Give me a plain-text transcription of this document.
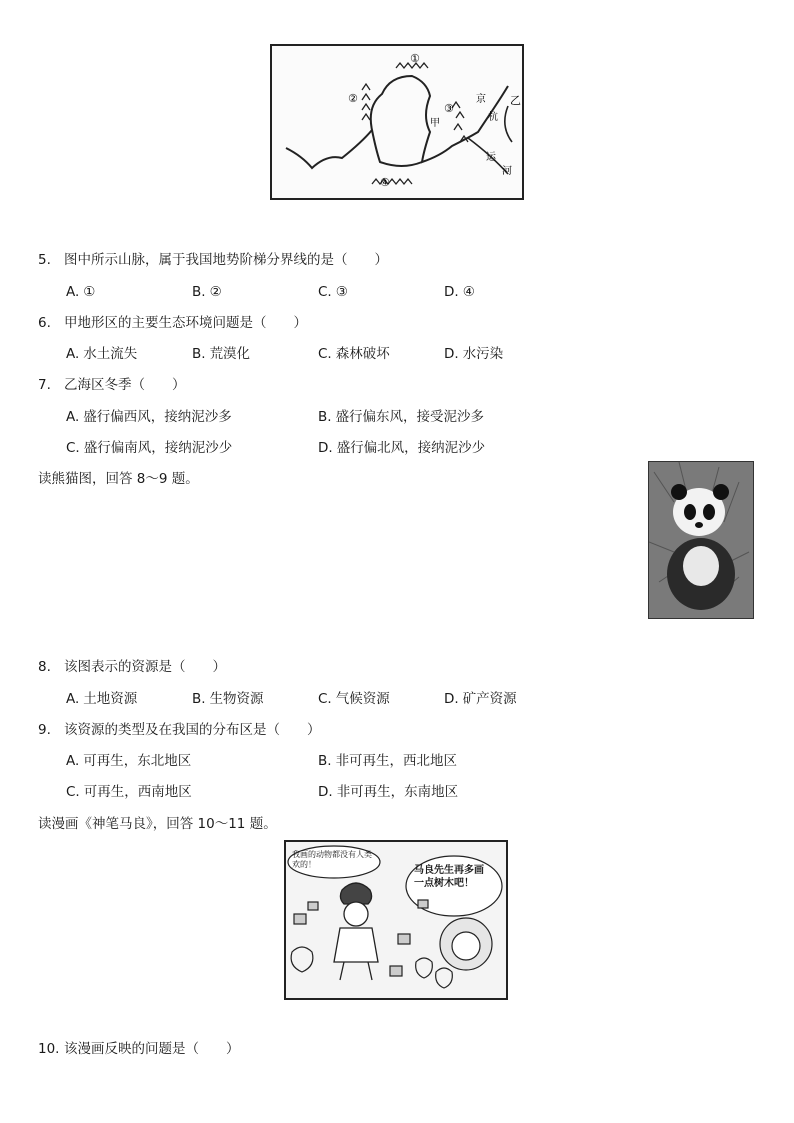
①
②
③
④
甲
乙
京
杭
运
河
5. 图中所示山脉，属于我国地势阶梯分界线的是（　　）
A. ①	B. ②	C. ③	D. ④
6. 甲地形区的主要生态环境问题是（　　）
A. 水土流失	B. 荒漠化	C. 森林破坏	D. 水污染
7. 乙海区冬季（　　）
A. 盛行偏西风，接纳泥沙多	B. 盛行偏东风，接受泥沙多
C. 盛行偏南风，接纳泥沙少	D. 盛行偏北风，接纳泥沙少
读熊猫图，回答 8～9 题。
8. 该图表示的资源是（　　）
A. 土地资源	B. 生物资源	C. 气候资源	D. 矿产资源
9. 该资源的类型及在我国的分布区是（　　）
A. 可再生，东北地区	B. 非可再生，西北地区
C. 可再生，西南地区	D. 非可再生，东南地区
读漫画《神笔马良》，回答 10～11 题。
我画的动物都没有人类欢的！
马良先生再多画一点树木吧！
10. 该漫画反映的问题是（　　）
